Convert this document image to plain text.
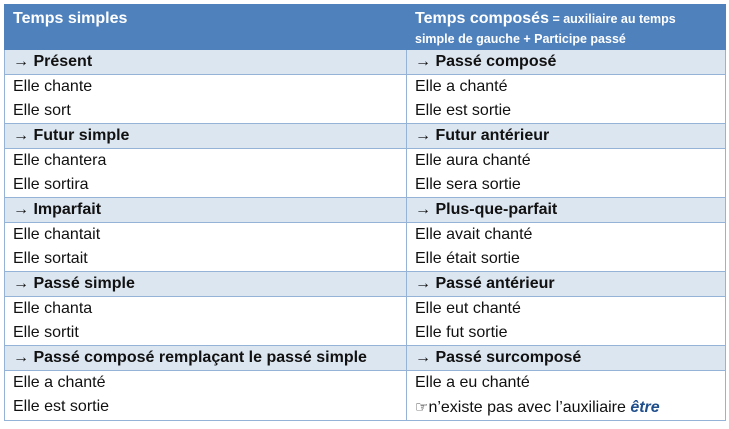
Temps simples	Temps composés = auxiliaire au temps
simple de gauche + Participe passé
→ Présent	→ Passé composé
Elle chante	Elle a chanté
Elle sort	Elle est sortie
→ Futur simple	→ Futur antérieur
Elle chantera	Elle aura chanté
Elle sortira	Elle sera sortie
→ Imparfait	→ Plus-que-parfait
Elle chantait	Elle avait chanté
Elle sortait	Elle était sortie
→ Passé simple	→ Passé antérieur
Elle chanta	Elle eut chanté
Elle sortit	Elle fut sortie
→ Passé composé remplaçant le passé simple	→ Passé surcomposé
Elle a chanté	Elle a eu chanté
Elle est sortie	☞n’existe pas avec l’auxiliaire être
